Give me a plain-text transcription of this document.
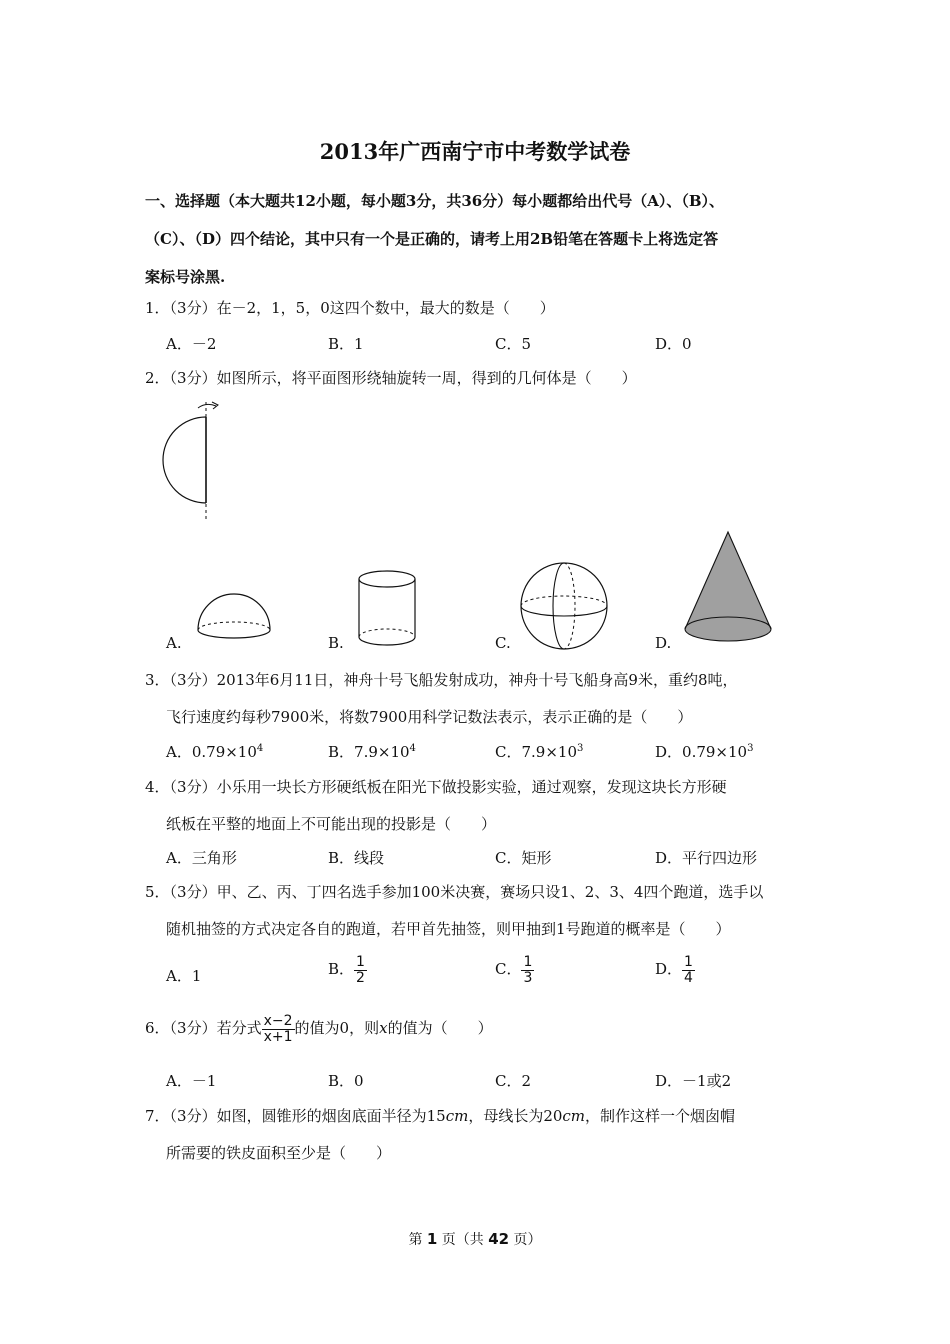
2013年广西南宁市中考数学试卷
一、选择题（本大题共12小题，每小题3分，共36分）每小题都给出代号（A）、（B）、
（C）、（D）四个结论，其中只有一个是正确的，请考上用2B铅笔在答题卡上将选定答
案标号涂黑.
1．（3分）在－2，1，5，0这四个数中，最大的数是（　　）
A．－2	B．1	C．5	D．0
2．（3分）如图所示，将平面图形绕轴旋转一周，得到的几何体是（　　）
A.	B.	C.	D.
3．（3分）2013年6月11日，神舟十号飞船发射成功，神舟十号飞船身高9米，重约8吨，
飞行速度约每秒7900米，将数7900用科学记数法表示，表示正确的是（　　）
A．$0.79\times 10^4$	B．$7.9\times 10^4$	C．$7.9\times 10^3$	D．$0.79\times 10^3$
4．（3分）小乐用一块长方形硬纸板在阳光下做投影实验，通过观察，发现这块长方形硬
纸板在平整的地面上不可能出现的投影是（　　）
A．三角形	B．线段	C．矩形	D．平行四边形
5．（3分）甲、乙、丙、丁四名选手参加100米决赛，赛场只设1、2、3、4四个跑道，选手以
随机抽签的方式决定各自的跑道，若甲首先抽签，则甲抽到1号跑道的概率是（　　）
A．1	B． $\frac{1}{2}$	C． $\frac{1}{3}$	D． $\frac{1}{4}$
6．（3分）若分式 $\frac{x-2}{x+1}$ 的值为0，则x的值为（　　）
A．－1	B．0	C．2	D．－1或2
7．（3分）如图，圆锥形的烟囱底面半径为15cm，母线长为20cm，制作这样一个烟囱帽
所需要的铁皮面积至少是（　　）
第 1 页（共 42 页）
